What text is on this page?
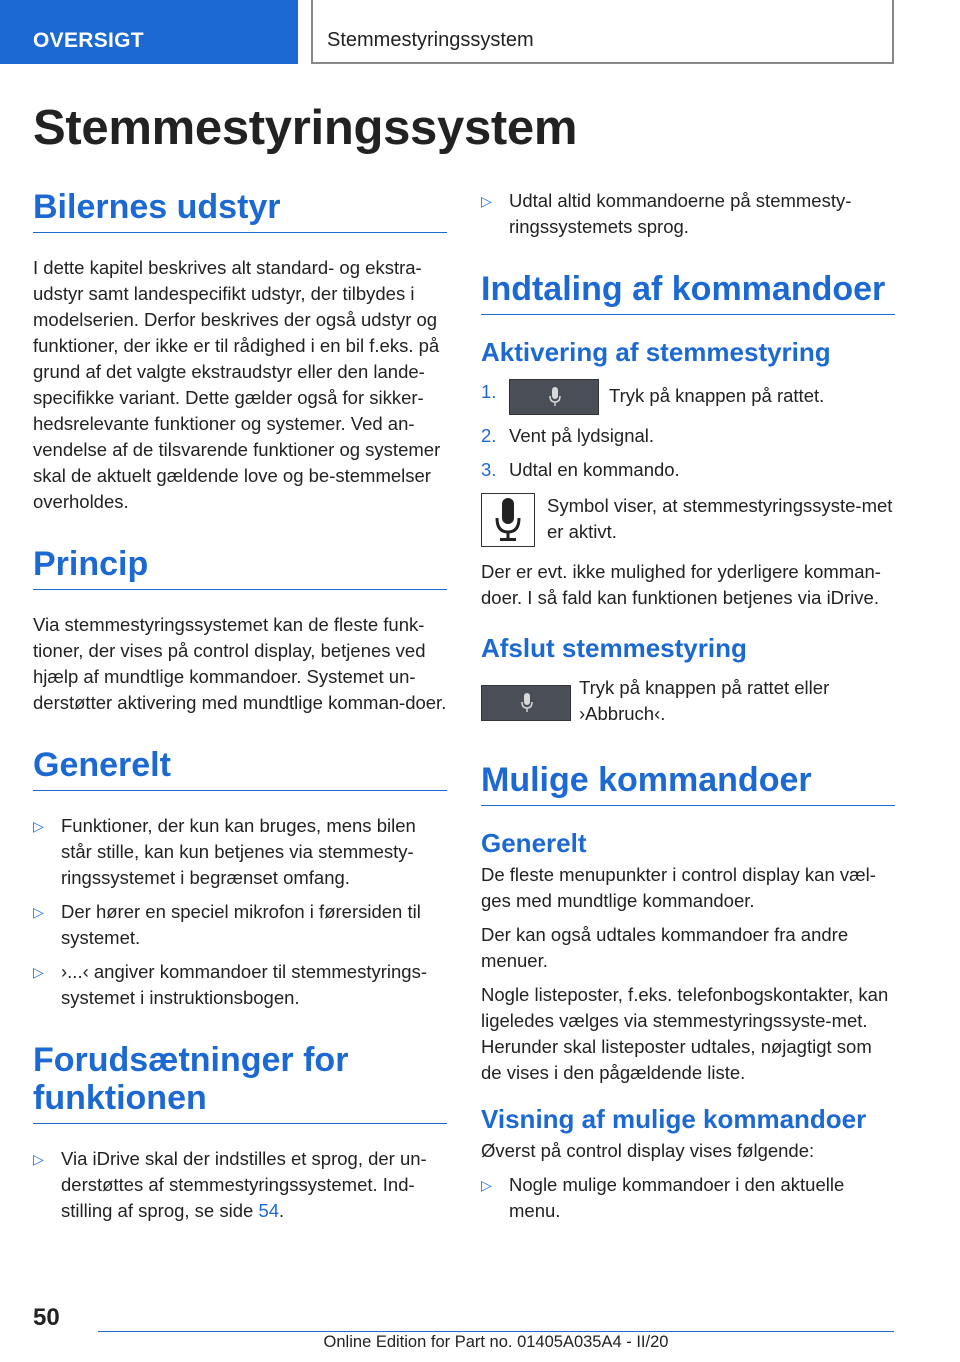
OVERSIGT	Stemmestyringssystem
Stemmestyringssystem
Bilernes udstyr

I dette kapitel beskrives alt standard- og ekstra-udstyr samt landespecifikt udstyr, der tilbydes i modelserien. Derfor beskrives der også udstyr og funktioner, der ikke er til rådighed i en bil f.eks. på grund af det valgte ekstraudstyr eller den lande-specifikke variant. Dette gælder også for sikker-hedsrelevante funktioner og systemer. Ved an-vendelse af de tilsvarende funktioner og systemer skal de aktuelt gældende love og be-stemmelser overholdes.

Princip

Via stemmestyringssystemet kan de fleste funk-tioner, der vises på control display, betjenes ved hjælp af mundtlige kommandoer. Systemet un-derstøtter aktivering med mundtlige komman-doer.

Generelt
▷ Funktioner, der kun kan bruges, mens bilen står stille, kan kun betjenes via stemmesty-ringssystemet i begrænset omfang.
▷ Der hører en speciel mikrofon i førersiden til systemet.
▷ ›...‹ angiver kommandoer til stemmestyrings-systemet i instruktionsbogen.
Forudsætninger for funktionen
▷ Via iDrive skal der indstilles et sprog, der un-derstøttes af stemmestyringssystemet. Ind-stilling af sprog, se side 54.
▷ Udtal altid kommandoerne på stemmesty-ringssystemets sprog.
Indtaling af kommandoer
Aktivering af stemmestyring
1.	Tryk på knappen på rattet.
2. Vent på lydsignal.
3. Udtal en kommando.

Symbol viser, at stemmestyringssyste-met er aktivt.

Der er evt. ikke mulighed for yderligere komman-doer. I så fald kan funktionen betjenes via iDrive.

Afslut stemmestyring

Tryk på knappen på rattet eller ›Abbruch‹.

Mulige kommandoer
Generelt

De fleste menupunkter i control display kan væl-ges med mundtlige kommandoer.

Der kan også udtales kommandoer fra andre menuer.

Nogle listeposter, f.eks. telefonbogskontakter, kan ligeledes vælges via stemmestyringssyste-met. Herunder skal listeposter udtales, nøjagtigt som de vises i den pågældende liste.

Visning af mulige kommandoer

Øverst på control display vises følgende:

▷ Nogle mulige kommandoer i den aktuelle menu.

50

Online Edition for Part no. 01405A035A4 - II/20
